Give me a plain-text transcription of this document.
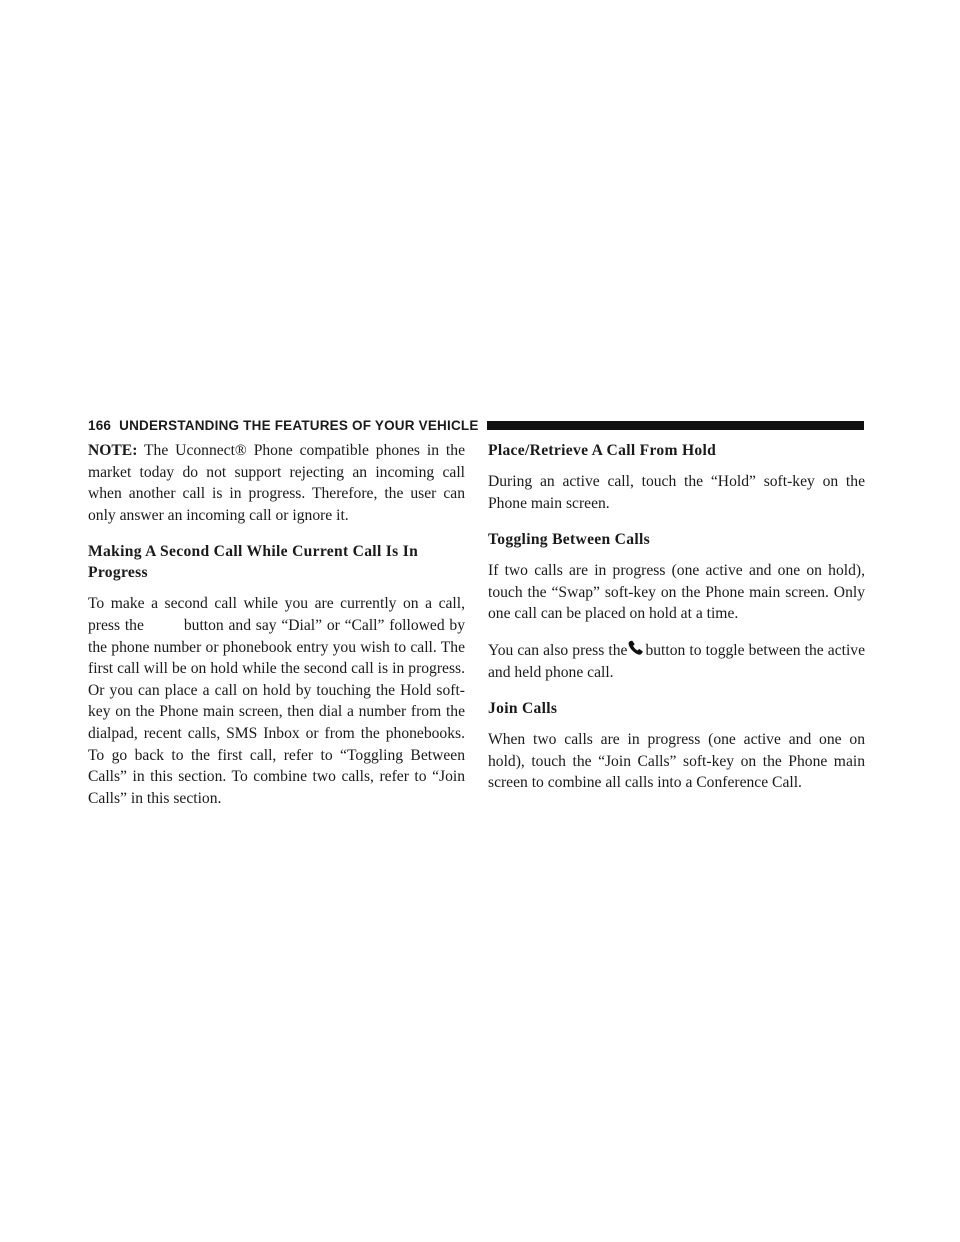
166 UNDERSTANDING THE FEATURES OF YOUR VEHICLE

NOTE: The Uconnect® Phone compatible phones in the market today do not support rejecting an incoming call when another call is in progress. Therefore, the user can only answer an incoming call or ignore it.

Making A Second Call While Current Call Is In Progress

To make a second call while you are currently on a call, press the	button and say “Dial” or “Call” followed by the phone number or phonebook entry you wish to call. The first call will be on hold while the second call is in progress. Or you can place a call on hold by touching the Hold soft-key on the Phone main screen, then dial a number from the dialpad, recent calls, SMS Inbox or from the phonebooks. To go back to the first call, refer to “Toggling Between Calls” in this section. To combine two calls, refer to “Join Calls” in this section.

Place/Retrieve A Call From Hold

During an active call, touch the “Hold” soft-key on the Phone main screen.

Toggling Between Calls

If two calls are in progress (one active and one on hold), touch the “Swap” soft-key on the Phone main screen. Only one call can be placed on hold at a time.

You can also press the button to toggle between the active and held phone call.

Join Calls

When two calls are in progress (one active and one on hold), touch the “Join Calls” soft-key on the Phone main screen to combine all calls into a Conference Call.
